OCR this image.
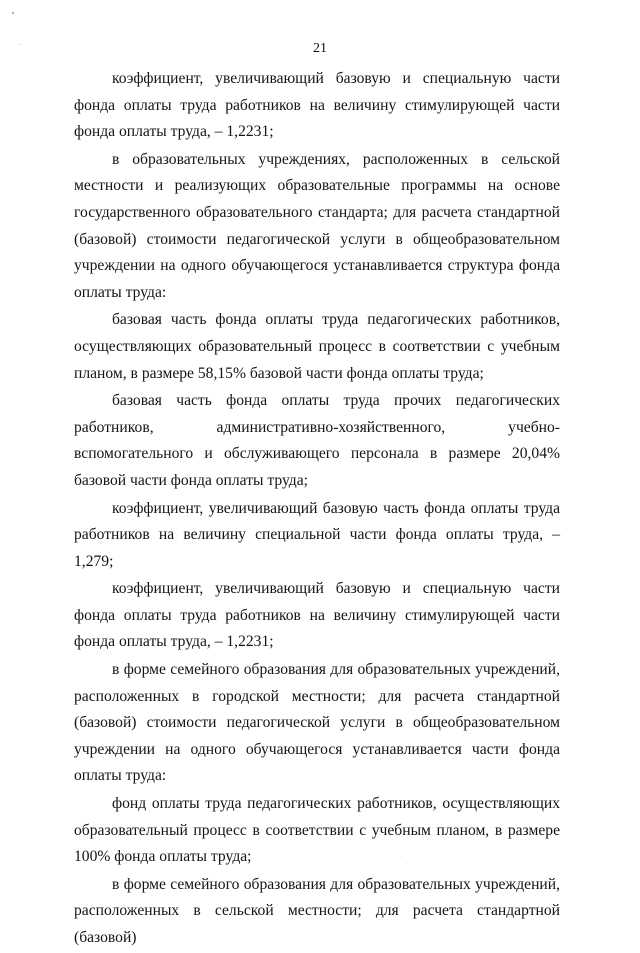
21

коэффициент, увеличивающий базовую и специальную части фонда оплаты труда работников на величину стимулирующей части фонда оплаты труда, – 1,2231;

в образовательных учреждениях, расположенных в сельской местности и реализующих образовательные программы на основе государственного образовательного стандарта; для расчета стандартной (базовой) стоимости педагогической услуги в общеобразовательном учреждении на одного обучающегося устанавливается структура фонда оплаты труда:

базовая часть фонда оплаты труда педагогических работников, осуществляющих образовательный процесс в соответствии с учебным планом, в размере 58,15% базовой части фонда оплаты труда;

базовая часть фонда оплаты труда прочих педагогических работников, административно-хозяйственного, учебно-вспомогательного и обслуживающего персонала в размере 20,04% базовой части фонда оплаты труда;

коэффициент, увеличивающий базовую часть фонда оплаты труда работников на величину специальной части фонда оплаты труда, – 1,279;

коэффициент, увеличивающий базовую и специальную части фонда оплаты труда работников на величину стимулирующей части фонда оплаты труда, – 1,2231;

в форме семейного образования для образовательных учреждений, расположенных в городской местности; для расчета стандартной (базовой) стоимости педагогической услуги в общеобразовательном учреждении на одного обучающегося устанавливается части фонда оплаты труда:

фонд оплаты труда педагогических работников, осуществляющих образовательный процесс в соответствии с учебным планом, в размере 100% фонда оплаты труда;

в форме семейного образования для образовательных учреждений, расположенных в сельской местности; для расчета стандартной (базовой)
